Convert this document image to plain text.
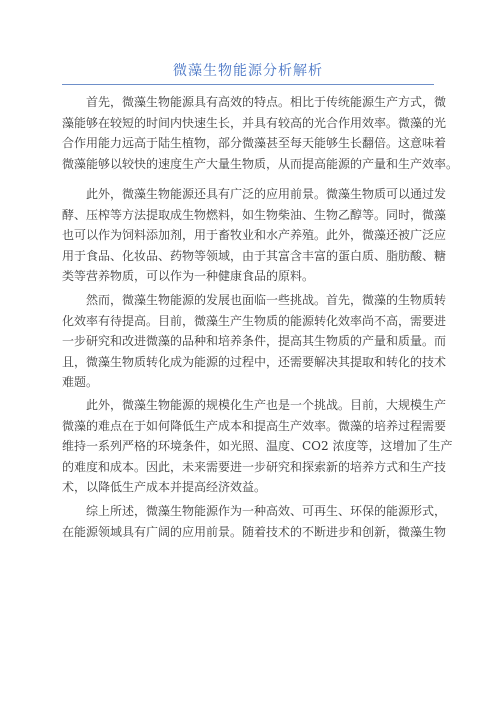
微藻生物能源分析解析
首先，微藻生物能源具有高效的特点。相比于传统能源生产方式，微
藻能够在较短的时间内快速生长，并具有较高的光合作用效率。微藻的光
合作用能力远高于陆生植物，部分微藻甚至每天能够生长翻倍。这意味着
微藻能够以较快的速度生产大量生物质，从而提高能源的产量和生产效率。
此外，微藻生物能源还具有广泛的应用前景。微藻生物质可以通过发
酵、压榨等方法提取成生物燃料，如生物柴油、生物乙醇等。同时，微藻
也可以作为饲料添加剂，用于畜牧业和水产养殖。此外，微藻还被广泛应
用于食品、化妆品、药物等领域，由于其富含丰富的蛋白质、脂肪酸、糖
类等营养物质，可以作为一种健康食品的原料。
然而，微藻生物能源的发展也面临一些挑战。首先，微藻的生物质转
化效率有待提高。目前，微藻生产生物质的能源转化效率尚不高，需要进
一步研究和改进微藻的品种和培养条件，提高其生物质的产量和质量。而
且，微藻生物质转化成为能源的过程中，还需要解决其提取和转化的技术
难题。
此外，微藻生物能源的规模化生产也是一个挑战。目前，大规模生产
微藻的难点在于如何降低生产成本和提高生产效率。微藻的培养过程需要
维持一系列严格的环境条件，如光照、温度、CO2 浓度等，这增加了生产
的难度和成本。因此，未来需要进一步研究和探索新的培养方式和生产技
术，以降低生产成本并提高经济效益。
综上所述，微藻生物能源作为一种高效、可再生、环保的能源形式，
在能源领域具有广阔的应用前景。随着技术的不断进步和创新，微藻生物
